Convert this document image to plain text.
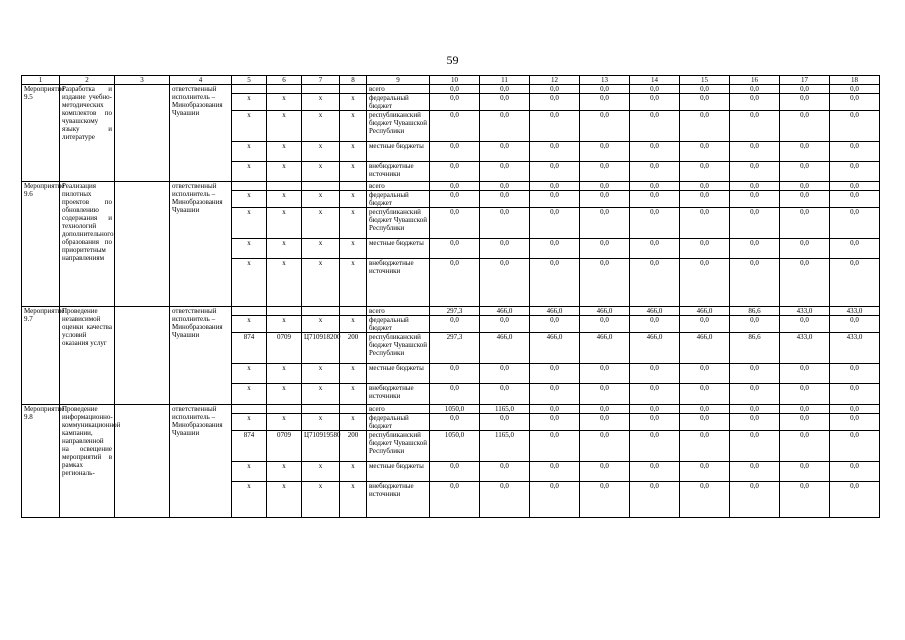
59
1	2	3	4	5	6	7	8	9	10	11	12	13	14	15	16	17	18
Мероприятие 9.5	Разработка и издание учебно-методических комплектов по чувашскому языку и литературе		ответственный исполнитель – Минобразования Чувашии					всего	0,0	0,0	0,0	0,0	0,0	0,0	0,0	0,0	0,0
				x	x	x	x	федеральный бюджет	0,0	0,0	0,0	0,0	0,0	0,0	0,0	0,0	0,0
				x	x	x	x	республиканский бюджет Чувашской Республики	0,0	0,0	0,0	0,0	0,0	0,0	0,0	0,0	0,0
				x	x	x	x	местные бюджеты	0,0	0,0	0,0	0,0	0,0	0,0	0,0	0,0	0,0
				x	x	x	x	внебюджетные источники	0,0	0,0	0,0	0,0	0,0	0,0	0,0	0,0	0,0
Мероприятие 9.6	Реализация пилотных проектов по обновлению содержания и технологий дополнительного образования по приоритетным направлениям		ответственный исполнитель – Минобразования Чувашии					всего	0,0	0,0	0,0	0,0	0,0	0,0	0,0	0,0	0,0
				x	x	x	x	федеральный бюджет	0,0	0,0	0,0	0,0	0,0	0,0	0,0	0,0	0,0
				x	x	x	x	республиканский бюджет Чувашской Республики	0,0	0,0	0,0	0,0	0,0	0,0	0,0	0,0	0,0
				x	x	x	x	местные бюджеты	0,0	0,0	0,0	0,0	0,0	0,0	0,0	0,0	0,0
				x	x	x	x	внебюджетные источники	0,0	0,0	0,0	0,0	0,0	0,0	0,0	0,0	0,0
Мероприятие 9.7	Проведение независимой оценки качества условий оказания услуг		ответственный исполнитель – Минобразования Чувашии					всего	297,3	466,0	466,0	466,0	466,0	466,0	86,6	433,0	433,0
				x	x	x	x	федеральный бюджет	0,0	0,0	0,0	0,0	0,0	0,0	0,0	0,0	0,0
				874	0709	Ц710918200	200	республиканский бюджет Чувашской Республики	297,3	466,0	466,0	466,0	466,0	466,0	86,6	433,0	433,0
				x	x	x	x	местные бюджеты	0,0	0,0	0,0	0,0	0,0	0,0	0,0	0,0	0,0
				x	x	x	x	внебюджетные источники	0,0	0,0	0,0	0,0	0,0	0,0	0,0	0,0	0,0
Мероприятие 9.8	Проведение информационно-коммуникационной кампании, направленной на освещение мероприятий в рамках региональ-		ответственный исполнитель – Минобразования Чувашии					всего	1050,0	1165,0	0,0	0,0	0,0	0,0	0,0	0,0	0,0
				x	x	x	x	федеральный бюджет	0,0	0,0	0,0	0,0	0,0	0,0	0,0	0,0	0,0
				874	0709	Ц710919580	200	республиканский бюджет Чувашской Республики	1050,0	1165,0	0,0	0,0	0,0	0,0	0,0	0,0	0,0
				x	x	x	x	местные бюджеты	0,0	0,0	0,0	0,0	0,0	0,0	0,0	0,0	0,0
				x	x	x	x	внебюджетные источники	0,0	0,0	0,0	0,0	0,0	0,0	0,0	0,0	0,0
